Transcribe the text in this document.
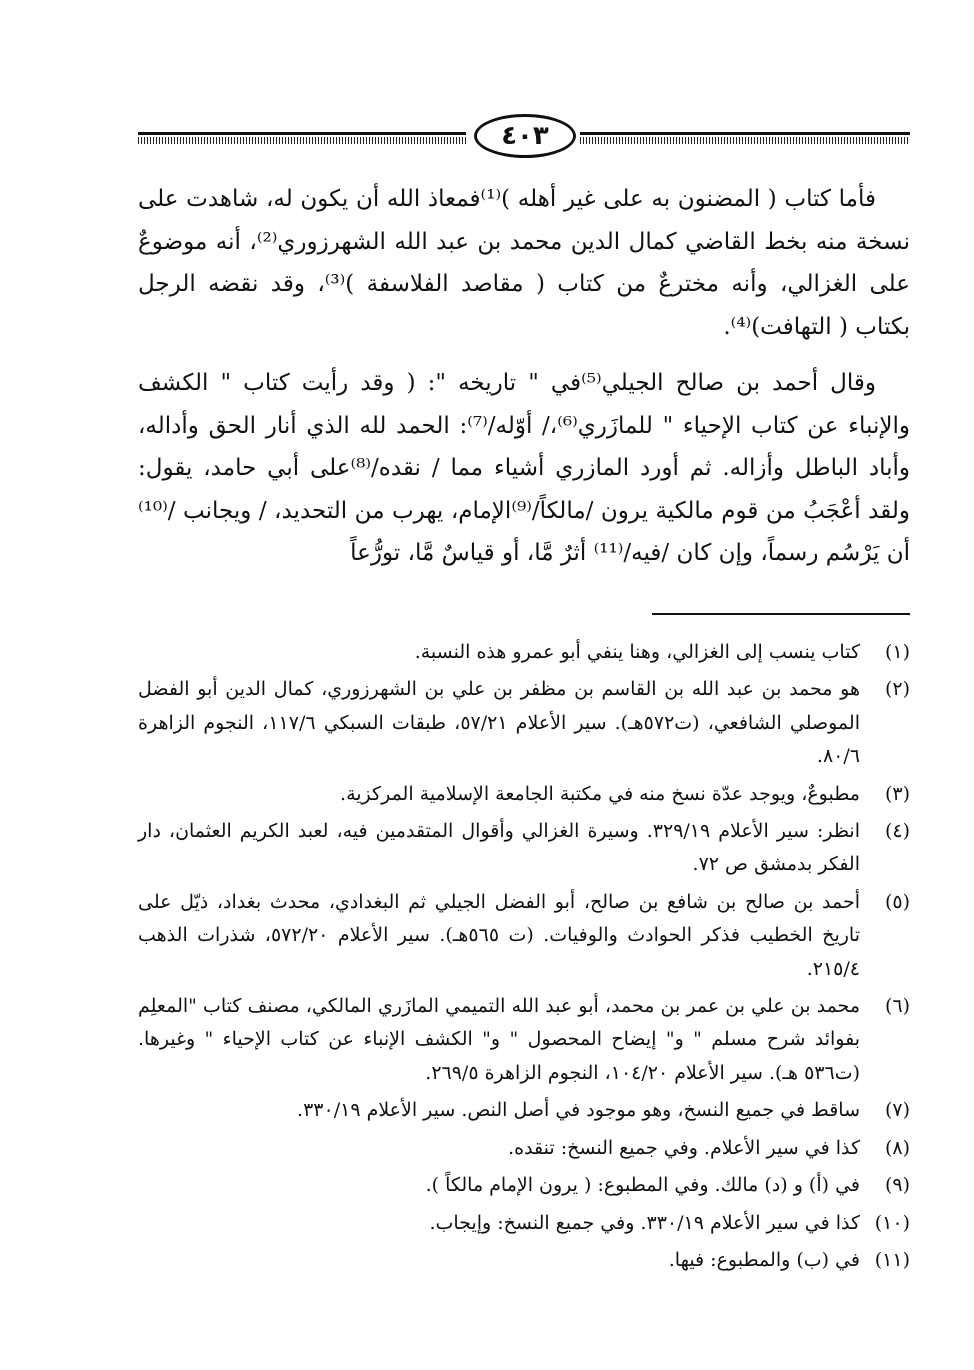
٤٠٣

فأما كتاب ( المضنون به على غير أهله )⁽¹⁾فمعاذ الله أن يكون له، شاهدت على نسخة منه بخط القاضي كمال الدين محمد بن عبد الله الشهرزوري⁽²⁾، أنه موضوعٌ على الغزالي، وأنه مخترعٌ من كتاب ( مقاصد الفلاسفة )⁽³⁾، وقد نقضه الرجل بكتاب ( التهافت)⁽⁴⁾.

وقال أحمد بن صالح الجيلي⁽⁵⁾في " تاريخه ": ( وقد رأيت كتاب " الكشف والإنباء عن كتاب الإحياء " للمازَري⁽⁶⁾،/ أوّله/⁽⁷⁾: الحمد لله الذي أنار الحق وأداله، وأباد الباطل وأزاله. ثم أورد المازري أشياء مما / نقده/⁽⁸⁾على أبي حامد، يقول: ولقد أعْجَبُ من قوم مالكية يرون /مالكاً/⁽⁹⁾الإمام، يهرب من التحديد، / ويجانب /⁽¹⁰⁾ أن يَرْسُم رسماً، وإن كان /فيه/⁽¹¹⁾ أثرٌ مَّا، أو قياسٌ مَّا، تورُّعاً

(١)
كتاب ينسب إلى الغزالي، وهنا ينفي أبو عمرو هذه النسبة.
(٢)
هو محمد بن عبد الله بن القاسم بن مظفر بن علي بن الشهرزوري، كمال الدين أبو الفضل الموصلي الشافعي، (ت٥٧٢هـ). سير الأعلام ٥٧/٢١، طبقات السبكي ١١٧/٦، النجوم الزاهرة ٨٠/٦.
(٣)
مطبوعٌ، ويوجد عدّة نسخ منه في مكتبة الجامعة الإسلامية المركزية.
(٤)
انظر: سير الأعلام ٣٢٩/١٩. وسيرة الغزالي وأقوال المتقدمين فيه، لعبد الكريم العثمان، دار الفكر بدمشق ص ٧٢.
(٥)
أحمد بن صالح بن شافع بن صالح، أبو الفضل الجيلي ثم البغدادي، محدث بغداد، ذيّل على تاريخ الخطيب فذكر الحوادث والوفيات. (ت ٥٦٥هـ). سير الأعلام ٥٧٢/٢٠، شذرات الذهب ٢١٥/٤.
(٦)
محمد بن علي بن عمر بن محمد، أبو عبد الله التميمي المازَري المالكي، مصنف كتاب "المعلِم بفوائد شرح مسلم " و" إيضاح المحصول " و" الكشف الإنباء عن كتاب الإحياء " وغيرها.(ت٥٣٦ هـ). سير الأعلام ١٠٤/٢٠، النجوم الزاهرة ٢٦٩/٥.
(٧)
ساقط في جميع النسخ، وهو موجود في أصل النص. سير الأعلام ٣٣٠/١٩.
(٨)
كذا في سير الأعلام. وفي جميع النسخ: تنقده.
(٩)
في (أ) و (د) مالك. وفي المطبوع: ( يرون الإمام مالكاً ).
(١٠)
كذا في سير الأعلام ٣٣٠/١٩. وفي جميع النسخ: وإيجاب.
(١١)
في (ب) والمطبوع: فيها.
